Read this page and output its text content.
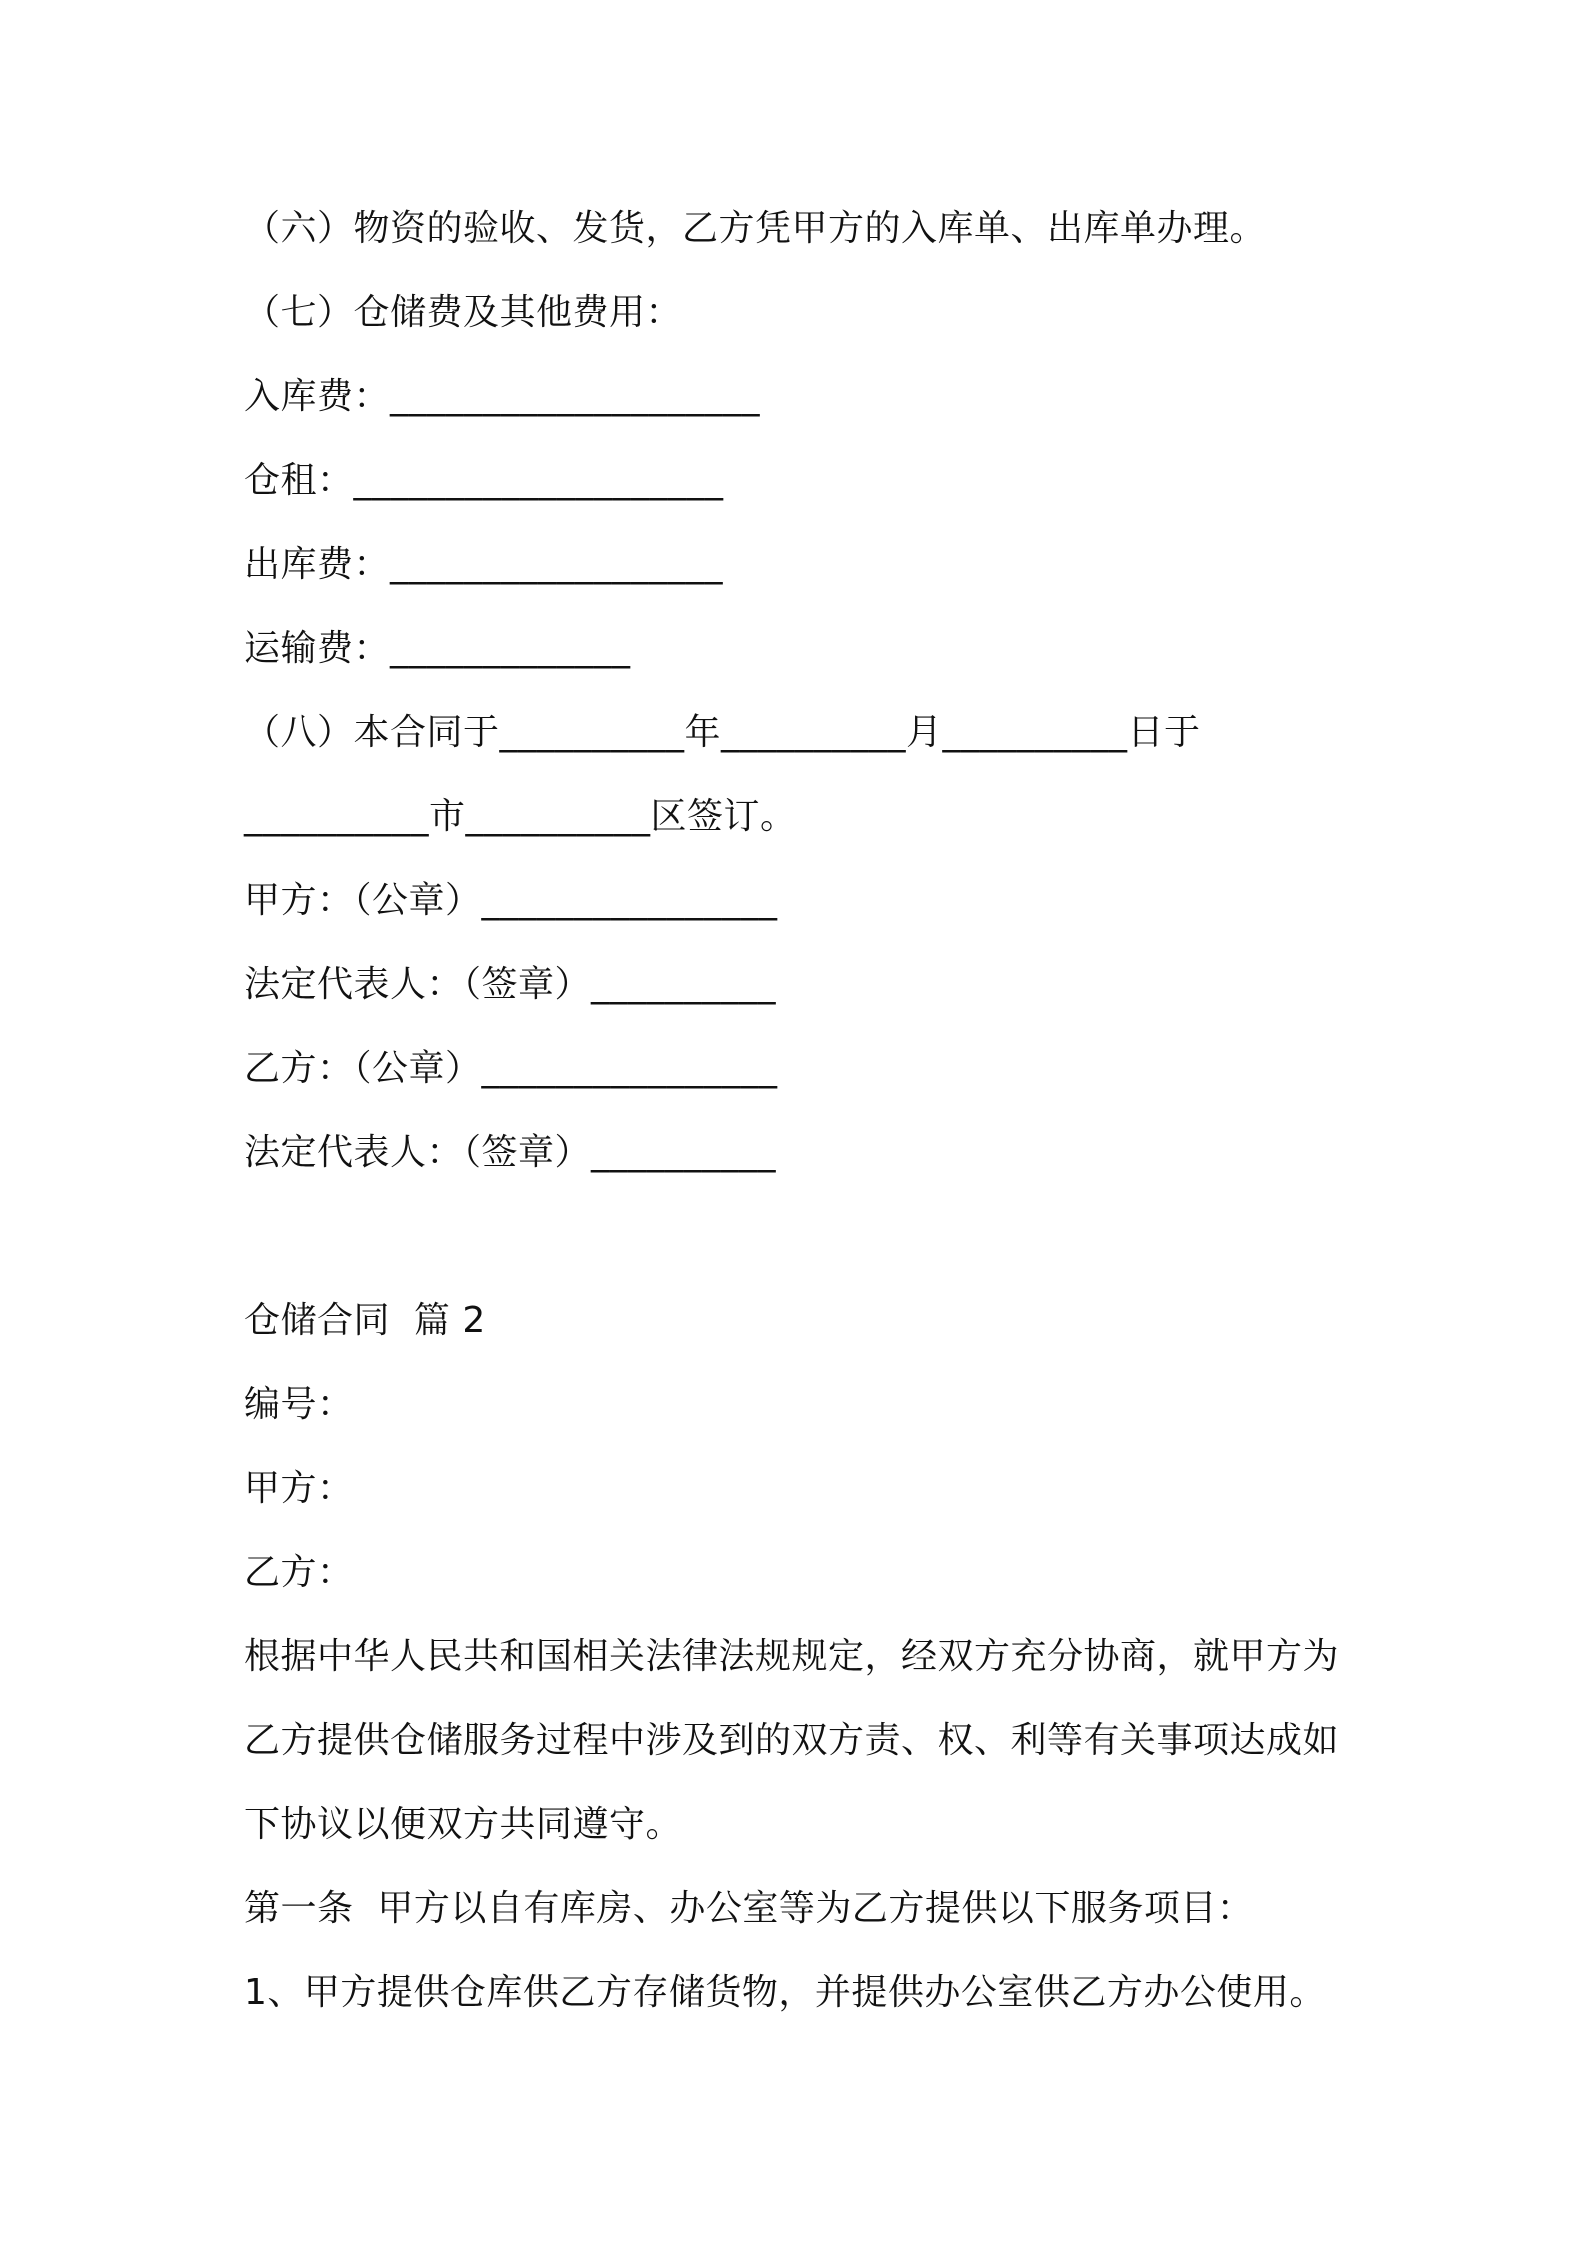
（六）物资的验收、发货，乙方凭甲方的入库单、出库单办理。
（七）仓储费及其他费用：
入库费：____________________
仓租：____________________
出库费：__________________
运输费：_____________
（八）本合同于__________年__________月__________日于
__________市__________区签订。
甲方：（公章）________________
法定代表人：（签章）__________
乙方：（公章）________________
法定代表人：（签章）__________
仓储合同  篇 2
编号：
甲方：
乙方：
根据中华人民共和国相关法律法规规定，经双方充分协商，就甲方为
乙方提供仓储服务过程中涉及到的双方责、权、利等有关事项达成如
下协议以便双方共同遵守。
第一条  甲方以自有库房、办公室等为乙方提供以下服务项目：
1、甲方提供仓库供乙方存储货物，并提供办公室供乙方办公使用。
